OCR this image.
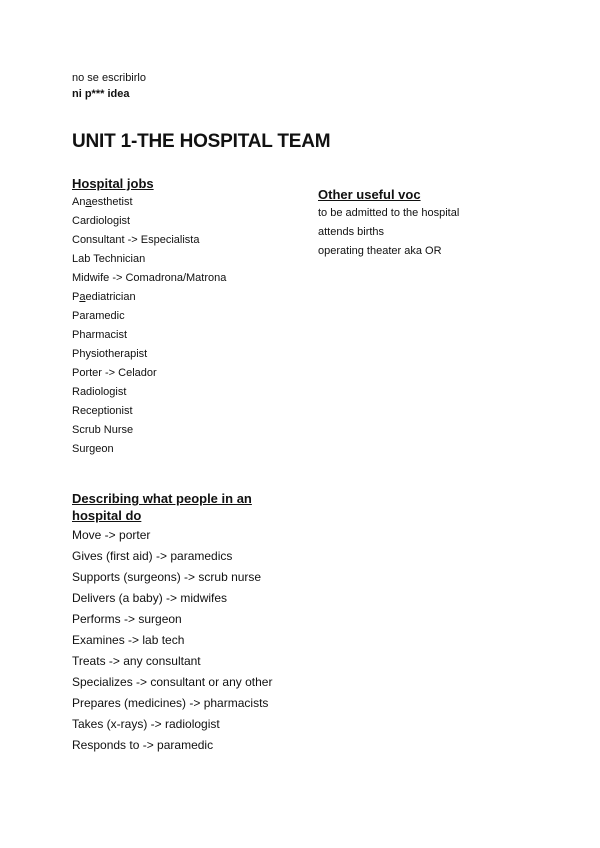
no se escribirlo
ni p*** idea
UNIT 1-THE HOSPITAL TEAM
Hospital jobs
Anaesthetist
Cardiologist
Consultant -> Especialista
Lab Technician
Midwife -> Comadrona/Matrona
Paediatrician
Paramedic
Pharmacist
Physiotherapist
Porter -> Celador
Radiologist
Receptionist
Scrub Nurse
Surgeon
Other useful voc
to be admitted to the hospital
attends births
operating theater aka OR
Describing what people in an
hospital do
Move -> porter
Gives (first aid) -> paramedics
Supports (surgeons) -> scrub nurse
Delivers (a baby) -> midwifes
Performs -> surgeon
Examines -> lab tech
Treats -> any consultant
Specializes -> consultant or any other
Prepares (medicines) -> pharmacists
Takes (x-rays) -> radiologist
Responds to -> paramedic
